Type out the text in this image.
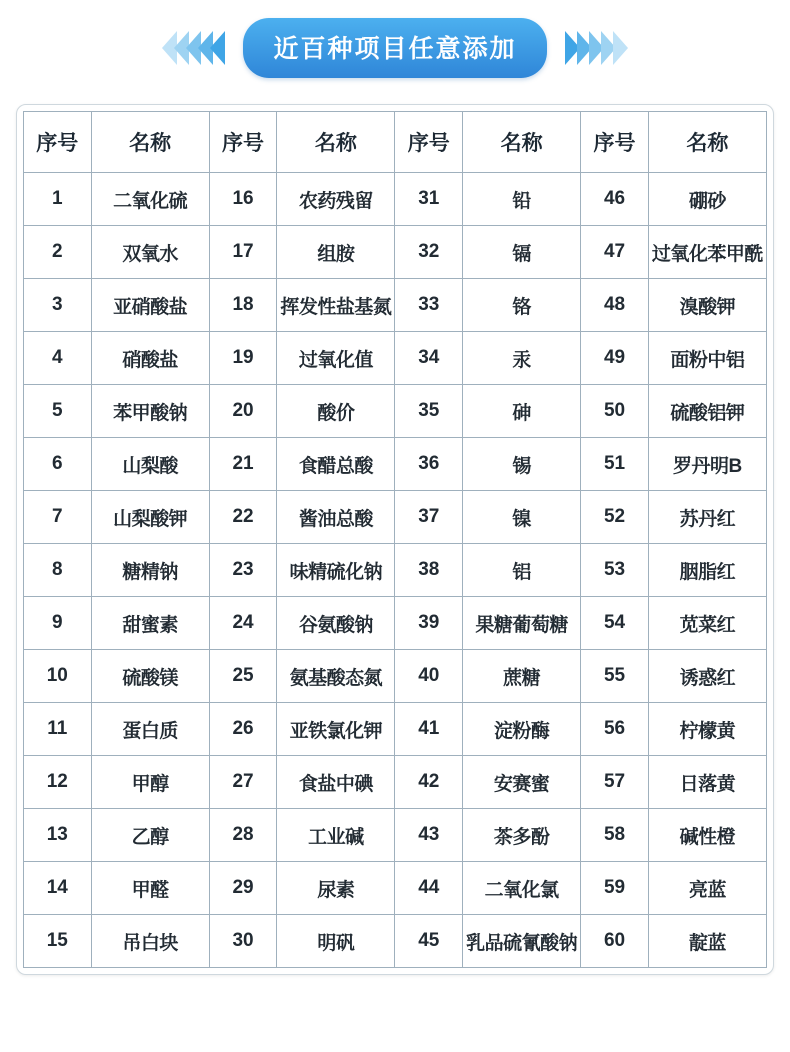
近百种项目任意添加
序号	名称	序号	名称	序号	名称	序号	名称
1	二氧化硫	16	农药残留	31	铅	46	硼砂
2	双氧水	17	组胺	32	镉	47	过氧化苯甲酰
3	亚硝酸盐	18	挥发性盐基氮	33	铬	48	溴酸钾
4	硝酸盐	19	过氧化值	34	汞	49	面粉中铝
5	苯甲酸钠	20	酸价	35	砷	50	硫酸铝钾
6	山梨酸	21	食醋总酸	36	锡	51	罗丹明B
7	山梨酸钾	22	酱油总酸	37	镍	52	苏丹红
8	糖精钠	23	味精硫化钠	38	铝	53	胭脂红
9	甜蜜素	24	谷氨酸钠	39	果糖葡萄糖	54	苋菜红
10	硫酸镁	25	氨基酸态氮	40	蔗糖	55	诱惑红
11	蛋白质	26	亚铁氯化钾	41	淀粉酶	56	柠檬黄
12	甲醇	27	食盐中碘	42	安赛蜜	57	日落黄
13	乙醇	28	工业碱	43	茶多酚	58	碱性橙
14	甲醛	29	尿素	44	二氧化氯	59	亮蓝
15	吊白块	30	明矾	45	乳品硫氰酸钠	60	靛蓝
